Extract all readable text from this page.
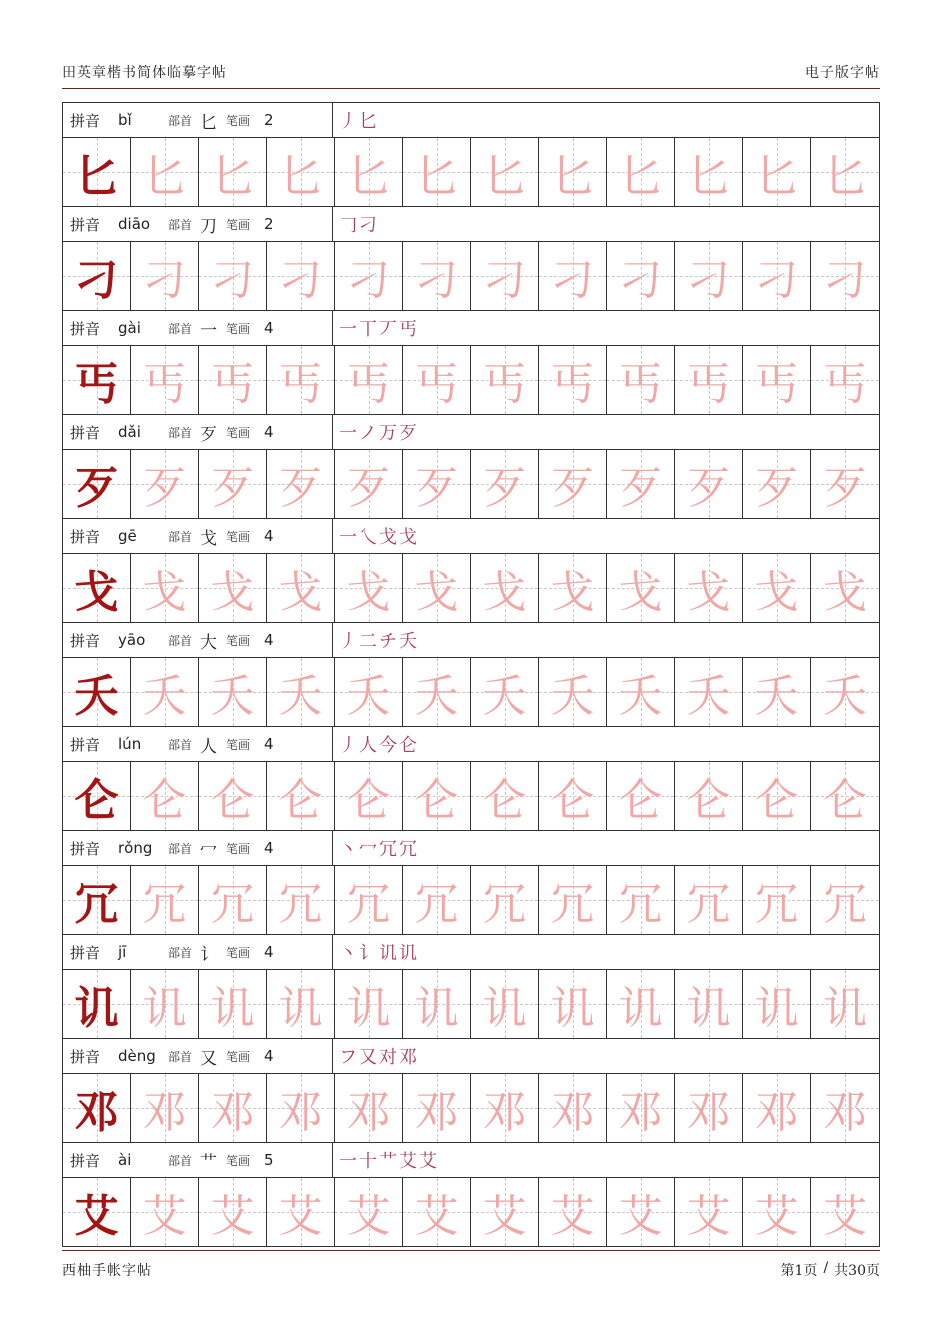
田英章楷书简体临摹字帖	电子版字帖
拼音 bǐ	部首 匕 笔画 2	丿 匕
匕 匕 匕 匕 匕 匕 匕 匕 匕 匕 匕 匕
拼音 diāo	部首 刀 笔画 2	𠃌 刁
刁 刁 刁 刁 刁 刁 刁 刁 刁 刁 刁 刁
拼音 gài	部首 一 笔画 4	一 丅 丆 丐
丐 丐 丐 丐 丐 丐 丐 丐 丐 丐 丐 丐
拼音 dǎi	部首 歹 笔画 4	一 ノ 万 歹
歹 歹 歹 歹 歹 歹 歹 歹 歹 歹 歹 歹
拼音 gē	部首 戈 笔画 4	一 乀 戈 戈
戈 戈 戈 戈 戈 戈 戈 戈 戈 戈 戈 戈
拼音 yāo	部首 大 笔画 4	丿 二 チ 夭
夭 夭 夭 夭 夭 夭 夭 夭 夭 夭 夭 夭
拼音 lún	部首 人 笔画 4	丿 人 今 仑
仑 仑 仑 仑 仑 仑 仑 仑 仑 仑 仑 仑
拼音 rǒng	部首 冖 笔画 4	丶 冖 冗 冗
冗 冗 冗 冗 冗 冗 冗 冗 冗 冗 冗 冗
拼音 jī	部首 讠 笔画 4	丶 讠 讥 讥
讥 讥 讥 讥 讥 讥 讥 讥 讥 讥 讥 讥
拼音 dèng	部首 又 笔画 4	フ 又 对 邓
邓 邓 邓 邓 邓 邓 邓 邓 邓 邓 邓 邓
拼音 ài	部首 艹 笔画 5	一 十 艹 艾 艾
艾 艾 艾 艾 艾 艾 艾 艾 艾 艾 艾 艾
西柚手帐字帖	第1页 / 共30页
